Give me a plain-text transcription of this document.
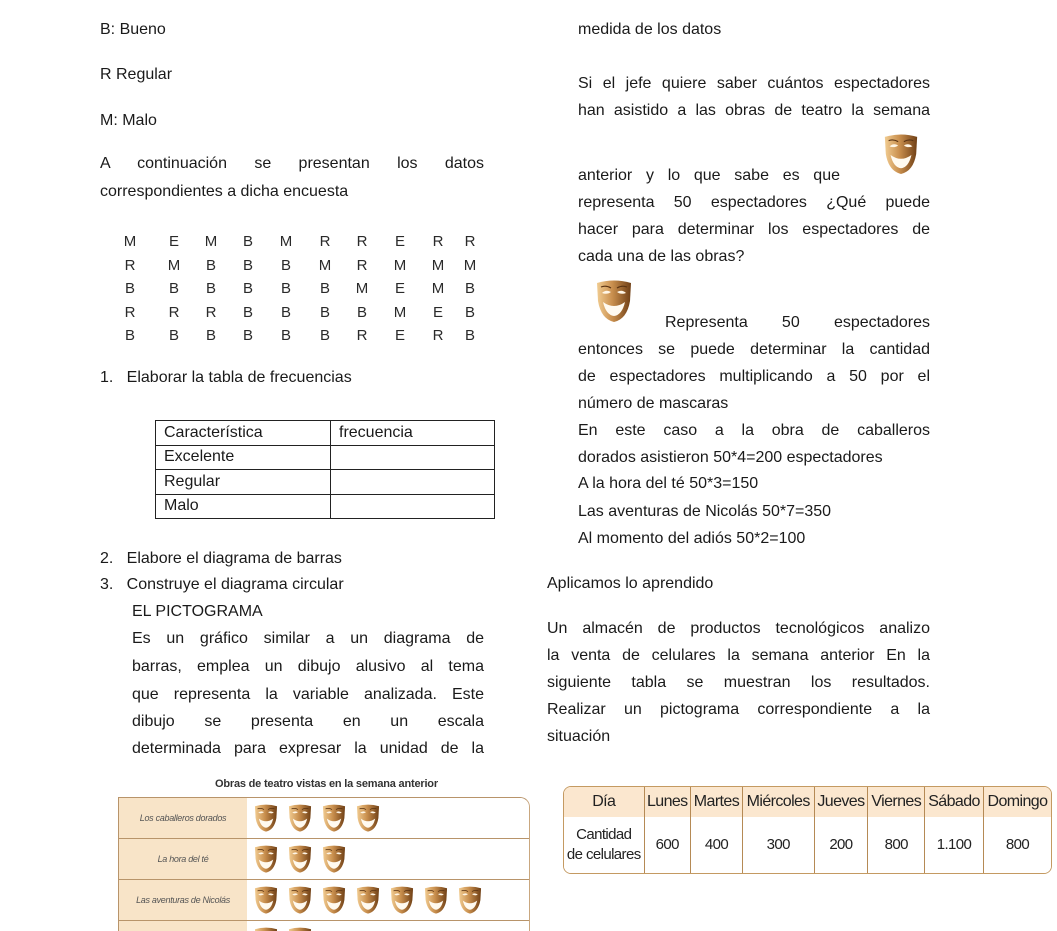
B: Bueno
R Regular
M: Malo
A continuación se presentan los datos
correspondientes a dicha encuesta
M E M B M R R E R R
R M B B B M R M M M
B B B B B B M E M B
R R R B B B B M E B
B B B B B B R E R B
1.   Elaborar la tabla de frecuencias
Característica	frecuencia
Excelente	
Regular	
Malo	
2.   Elabore el diagrama de barras
3.   Construye el diagrama circular
EL PICTOGRAMA
Es un gráfico similar a un diagrama de
barras, emplea un dibujo alusivo al tema
que representa la variable analizada. Este
dibujo se presenta en un escala
determinada para expresar la unidad de la
Obras de teatro vistas en la semana anterior
Los caballeros dorados
La hora del té
Las aventuras de Nicolás
medida de los datos
Si el jefe quiere saber cuántos espectadores
han asistido a las obras de teatro la semana
anterior y lo que sabe es que
representa 50 espectadores ¿Qué puede
hacer para determinar los espectadores de
cada una de las obras?
Representa 50 espectadores
entonces se puede determinar la cantidad
de espectadores multiplicando a 50 por el
número de mascaras
En este caso a la obra de caballeros
dorados asistieron 50*4=200 espectadores
A la hora del té 50*3=150
Las aventuras de Nicolás 50*7=350
Al momento del adiós 50*2=100
Aplicamos lo aprendido
Un almacén de productos tecnológicos analizo
la venta de celulares la semana anterior En la
siguiente tabla se muestran los resultados.
Realizar un pictograma correspondiente a la
situación
Día	Lunes	Martes	Miércoles	Jueves	Viernes	Sábado	Domingo
Cantidad
de celulares	600	400	300	200	800	1.100	800
